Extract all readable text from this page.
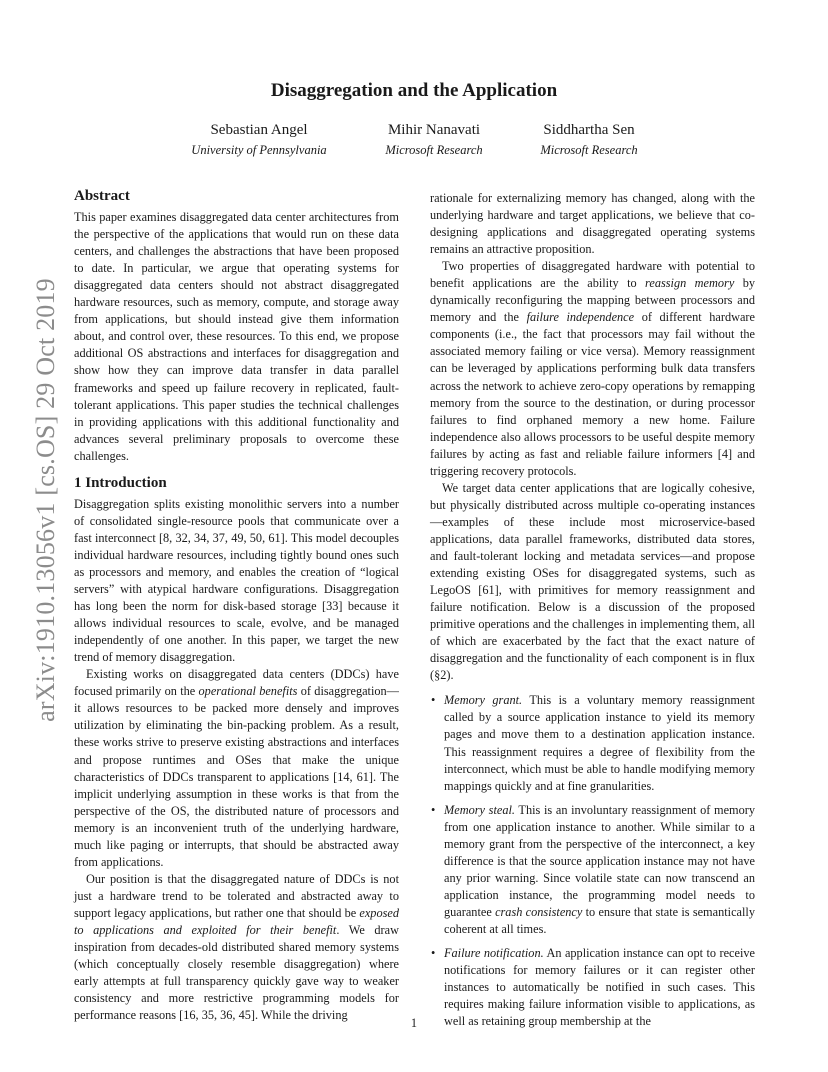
arXiv:1910.13056v1 [cs.OS] 29 Oct 2019
Disaggregation and the Application
Sebastian Angel
University of Pennsylvania
Mihir Nanavati
Microsoft Research
Siddhartha Sen
Microsoft Research
Abstract

This paper examines disaggregated data center architectures from the perspective of the applications that would run on these data centers, and challenges the abstractions that have been proposed to date. In particular, we argue that operating systems for disaggregated data centers should not abstract disaggregated hardware resources, such as memory, compute, and storage away from applications, but should instead give them information about, and control over, these resources. To this end, we propose additional OS abstractions and interfaces for disaggregation and show how they can improve data transfer in data parallel frameworks and speed up failure recovery in replicated, fault-tolerant applications. This paper studies the technical challenges in providing applications with this additional functionality and advances several preliminary proposals to overcome these challenges.

1 Introduction

Disaggregation splits existing monolithic servers into a number of consolidated single-resource pools that communicate over a fast interconnect [8, 32, 34, 37, 49, 50, 61]. This model decouples individual hardware resources, including tightly bound ones such as processors and memory, and enables the creation of “logical servers” with atypical hardware configurations. Disaggregation has long been the norm for disk-based storage [33] because it allows individual resources to scale, evolve, and be managed independently of one another. In this paper, we target the new trend of memory disaggregation.

Existing works on disaggregated data centers (DDCs) have focused primarily on the operational benefits of disaggregation—it allows resources to be packed more densely and improves utilization by eliminating the bin-packing problem. As a result, these works strive to preserve existing abstractions and interfaces and propose runtimes and OSes that make the unique characteristics of DDCs transparent to applications [14, 61]. The implicit underlying assumption in these works is that from the perspective of the OS, the distributed nature of processors and memory is an inconvenient truth of the underlying hardware, much like paging or interrupts, that should be abstracted away from applications.

Our position is that the disaggregated nature of DDCs is not just a hardware trend to be tolerated and abstracted away to support legacy applications, but rather one that should be exposed to applications and exploited for their benefit. We draw inspiration from decades-old distributed shared memory systems (which conceptually closely resemble disaggregation) where early attempts at full transparency quickly gave way to weaker consistency and more restrictive programming models for performance reasons [16, 35, 36, 45]. While the driving

rationale for externalizing memory has changed, along with the underlying hardware and target applications, we believe that co-designing applications and disaggregated operating systems remains an attractive proposition.

Two properties of disaggregated hardware with potential to benefit applications are the ability to reassign memory by dynamically reconfiguring the mapping between processors and memory and the failure independence of different hardware components (i.e., the fact that processors may fail without the associated memory failing or vice versa). Memory reassignment can be leveraged by applications performing bulk data transfers across the network to achieve zero-copy operations by remapping memory from the source to the destination, or during processor failures to find orphaned memory a new home. Failure independence also allows processors to be useful despite memory failures by acting as fast and reliable failure informers [4] and triggering recovery protocols.

We target data center applications that are logically cohesive, but physically distributed across multiple co-operating instances—examples of these include most microservice-based applications, data parallel frameworks, distributed data stores, and fault-tolerant locking and metadata services—and propose extending existing OSes for disaggregated systems, such as LegoOS [61], with primitives for memory reassignment and failure notification. Below is a discussion of the proposed primitive operations and the challenges in implementing them, all of which are exacerbated by the fact that the exact nature of disaggregation and the functionality of each component is in flux (§2).

• Memory grant. This is a voluntary memory reassignment called by a source application instance to yield its memory pages and move them to a destination application instance. This reassignment requires a degree of flexibility from the interconnect, which must be able to handle modifying memory mappings quickly and at fine granularities.
• Memory steal. This is an involuntary reassignment of memory from one application instance to another. While similar to a memory grant from the perspective of the interconnect, a key difference is that the source application instance may not have any prior warning. Since volatile state can now transcend an application instance, the programming model needs to guarantee crash consistency to ensure that state is semantically coherent at all times.
• Failure notification. An application instance can opt to receive notifications for memory failures or it can register other instances to automatically be notified in such cases. This requires making failure information visible to applications, as well as retaining group membership at the
1
